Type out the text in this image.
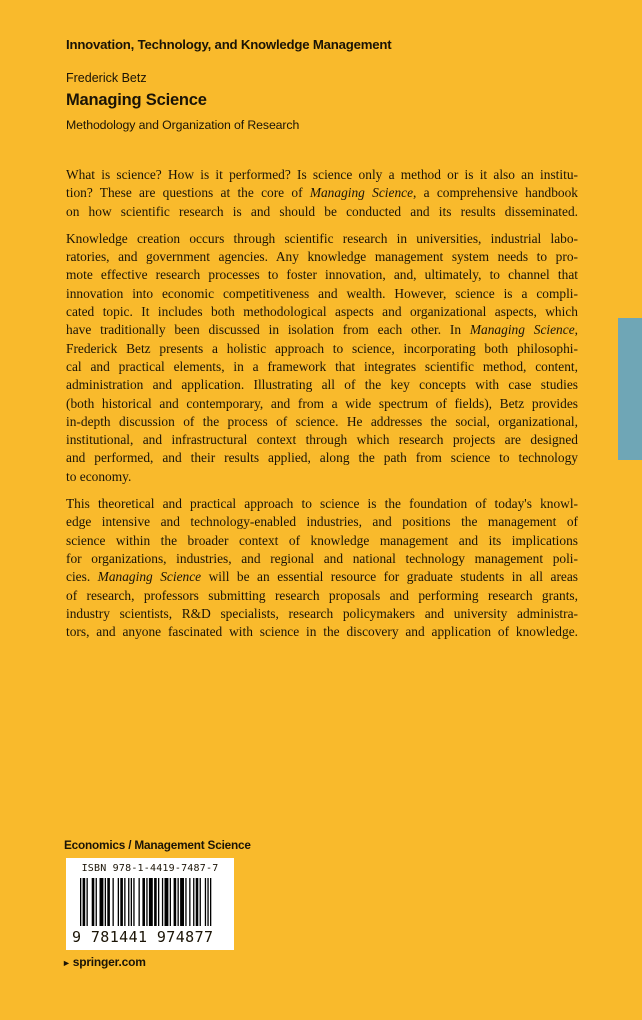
Innovation, Technology, and Knowledge Management
Frederick Betz
Managing Science
Methodology and Organization of Research

What is science? How is it performed? Is science only a method or is it also an institu-
tion? These are questions at the core of Managing Science, a comprehensive handbook
on how scientific research is and should be conducted and its results disseminated.

Knowledge creation occurs through scientific research in universities, industrial labo-
ratories, and government agencies. Any knowledge management system needs to pro-
mote effective research processes to foster innovation, and, ultimately, to channel that
innovation into economic competitiveness and wealth. However, science is a compli-
cated topic. It includes both methodological aspects and organizational aspects, which
have traditionally been discussed in isolation from each other. In Managing Science,
Frederick Betz presents a holistic approach to science, incorporating both philosophi-
cal and practical elements, in a framework that integrates scientific method, content,
administration and application. Illustrating all of the key concepts with case studies
(both historical and contemporary, and from a wide spectrum of fields), Betz provides
in-depth discussion of the process of science. He addresses the social, organizational,
institutional, and infrastructural context through which research projects are designed
and performed, and their results applied, along the path from science to technology
to economy.

This theoretical and practical approach to science is the foundation of today's knowl-
edge intensive and technology-enabled industries, and positions the management of
science within the broader context of knowledge management and its implications
for organizations, industries, and regional and national technology management poli-
cies. Managing Science will be an essential resource for graduate students in all areas
of research, professors submitting research proposals and performing research grants,
industry scientists, R&D specialists, research policymakers and university administra-
tors, and anyone fascinated with science in the discovery and application of knowledge.

Economics / Management Science
ISBN 978-1-4419-7487-7
9 781441 974877
► springer.com
